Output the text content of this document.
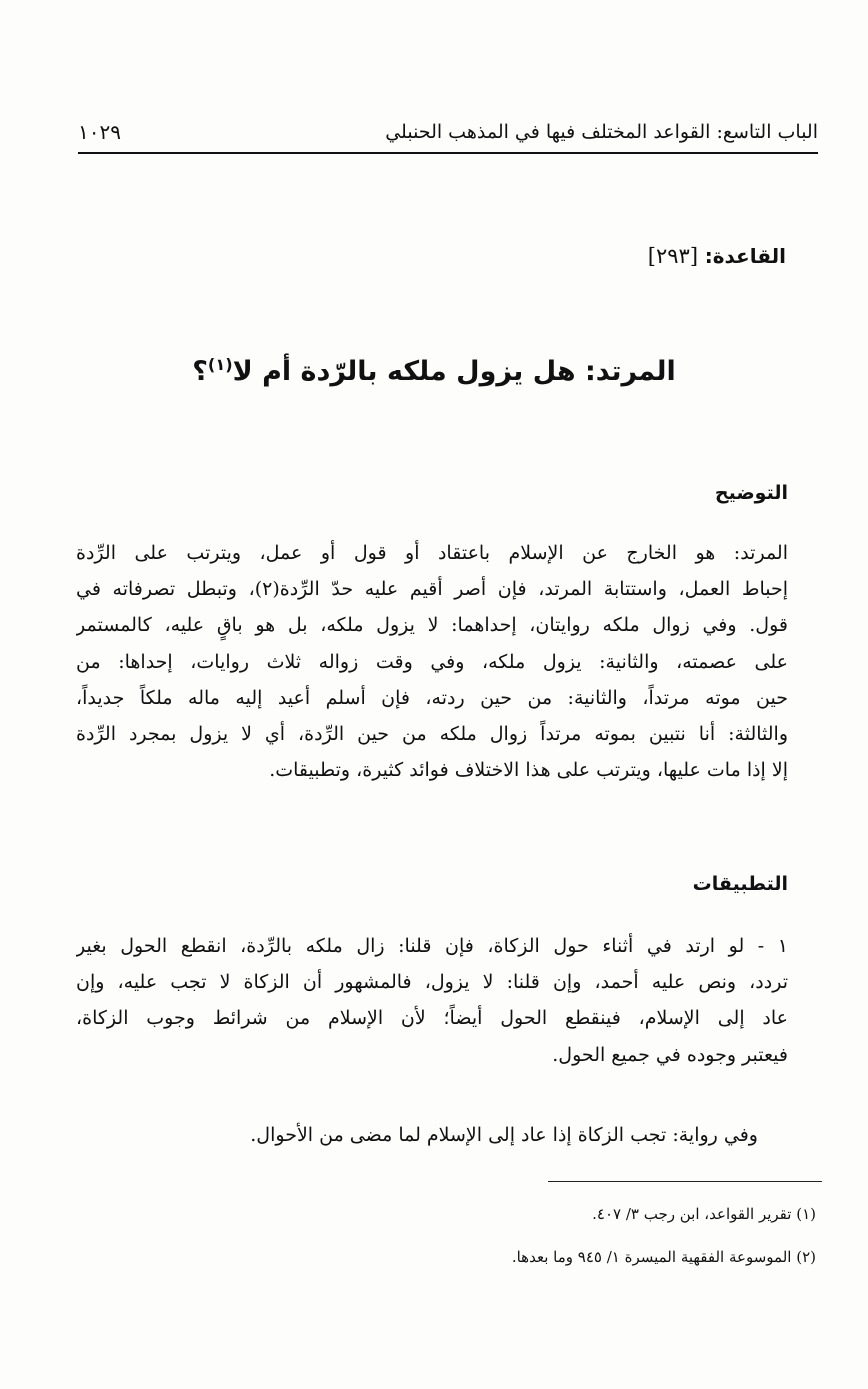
الباب التاسع: القواعد المختلف فيها في المذهب الحنبلي
١٠٢٩
القاعدة: [٢٩٣]
المرتد: هل يزول ملكه بالرّدة أم لا$^{(١)}$؟
التوضيح
المرتد: هو الخارج عن الإسلام باعتقاد أو قول أو عمل، ويترتب على الرِّدة
إحباط العمل، واستتابة المرتد، فإن أصر أقيم عليه حدّ الرِّدة(٢)، وتبطل تصرفاته في
قول. وفي زوال ملكه روايتان، إحداهما: لا يزول ملكه، بل هو باقٍ عليه، كالمستمر
على عصمته، والثانية: يزول ملكه، وفي وقت زواله ثلاث روايات، إحداها: من
حين موته مرتداً، والثانية: من حين ردته، فإن أسلم أعيد إليه ماله ملكاً جديداً،
والثالثة: أنا نتبين بموته مرتداً زوال ملكه من حين الرِّدة، أي لا يزول بمجرد الرِّدة
إلا إذا مات عليها، ويترتب على هذا الاختلاف فوائد كثيرة، وتطبيقات.
التطبيقات
١ - لو ارتد في أثناء حول الزكاة، فإن قلنا: زال ملكه بالرِّدة، انقطع الحول بغير
تردد، ونص عليه أحمد، وإن قلنا: لا يزول، فالمشهور أن الزكاة لا تجب عليه، وإن
عاد إلى الإسلام، فينقطع الحول أيضاً؛ لأن الإسلام من شرائط وجوب الزكاة،
فيعتبر وجوده في جميع الحول.
وفي رواية: تجب الزكاة إذا عاد إلى الإسلام لما مضى من الأحوال.
(١) تقرير القواعد، ابن رجب ٣/ ٤٠٧.
(٢) الموسوعة الفقهية الميسرة ١/ ٩٤٥ وما بعدها.
